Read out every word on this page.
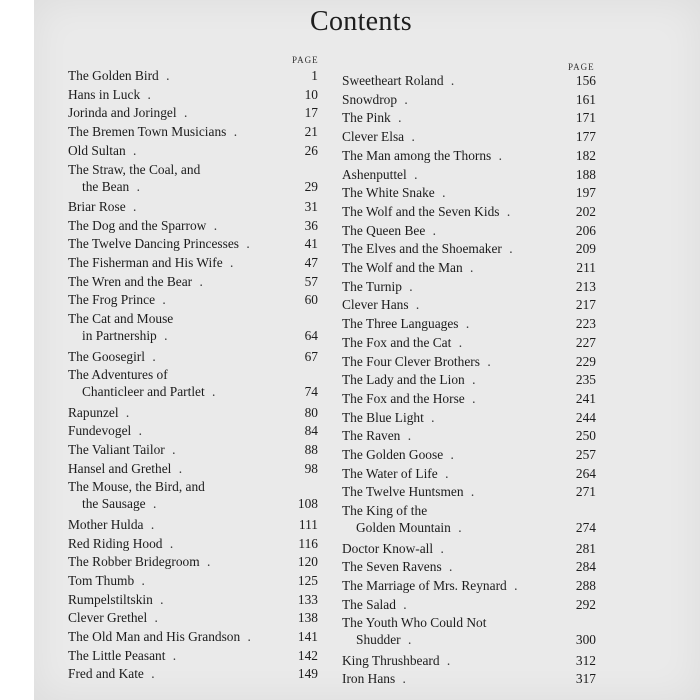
Contents
PAGE
PAGE
The Golden Bird .	1
Hans in Luck .	10
Jorinda and Joringel .	17
The Bremen Town Musicians .	21
Old Sultan .	26
The Straw, the Coal, and
the Bean .	29
Briar Rose .	31
The Dog and the Sparrow .	36
The Twelve Dancing Princesses .	41
The Fisherman and His Wife .	47
The Wren and the Bear .	57
The Frog Prince .	60
The Cat and Mouse
in Partnership .	64
The Goosegirl .	67
The Adventures of
Chanticleer and Partlet .	74
Rapunzel .	80
Fundevogel .	84
The Valiant Tailor .	88
Hansel and Grethel .	98
The Mouse, the Bird, and
the Sausage .	108
Mother Hulda .	111
Red Riding Hood .	116
The Robber Bridegroom .	120
Tom Thumb .	125
Rumpelstiltskin .	133
Clever Grethel .	138
The Old Man and His Grandson .	141
The Little Peasant .	142
Fred and Kate .	149
Sweetheart Roland .	156
Snowdrop .	161
The Pink .	171
Clever Elsa .	177
The Man among the Thorns .	182
Ashenputtel .	188
The White Snake .	197
The Wolf and the Seven Kids .	202
The Queen Bee .	206
The Elves and the Shoemaker .	209
The Wolf and the Man .	211
The Turnip .	213
Clever Hans .	217
The Three Languages .	223
The Fox and the Cat .	227
The Four Clever Brothers .	229
The Lady and the Lion .	235
The Fox and the Horse .	241
The Blue Light .	244
The Raven .	250
The Golden Goose .	257
The Water of Life .	264
The Twelve Huntsmen .	271
The King of the
Golden Mountain .	274
Doctor Know-all .	281
The Seven Ravens .	284
The Marriage of Mrs. Reynard .	288
The Salad .	292
The Youth Who Could Not
Shudder .	300
King Thrushbeard .	312
Iron Hans .	317
